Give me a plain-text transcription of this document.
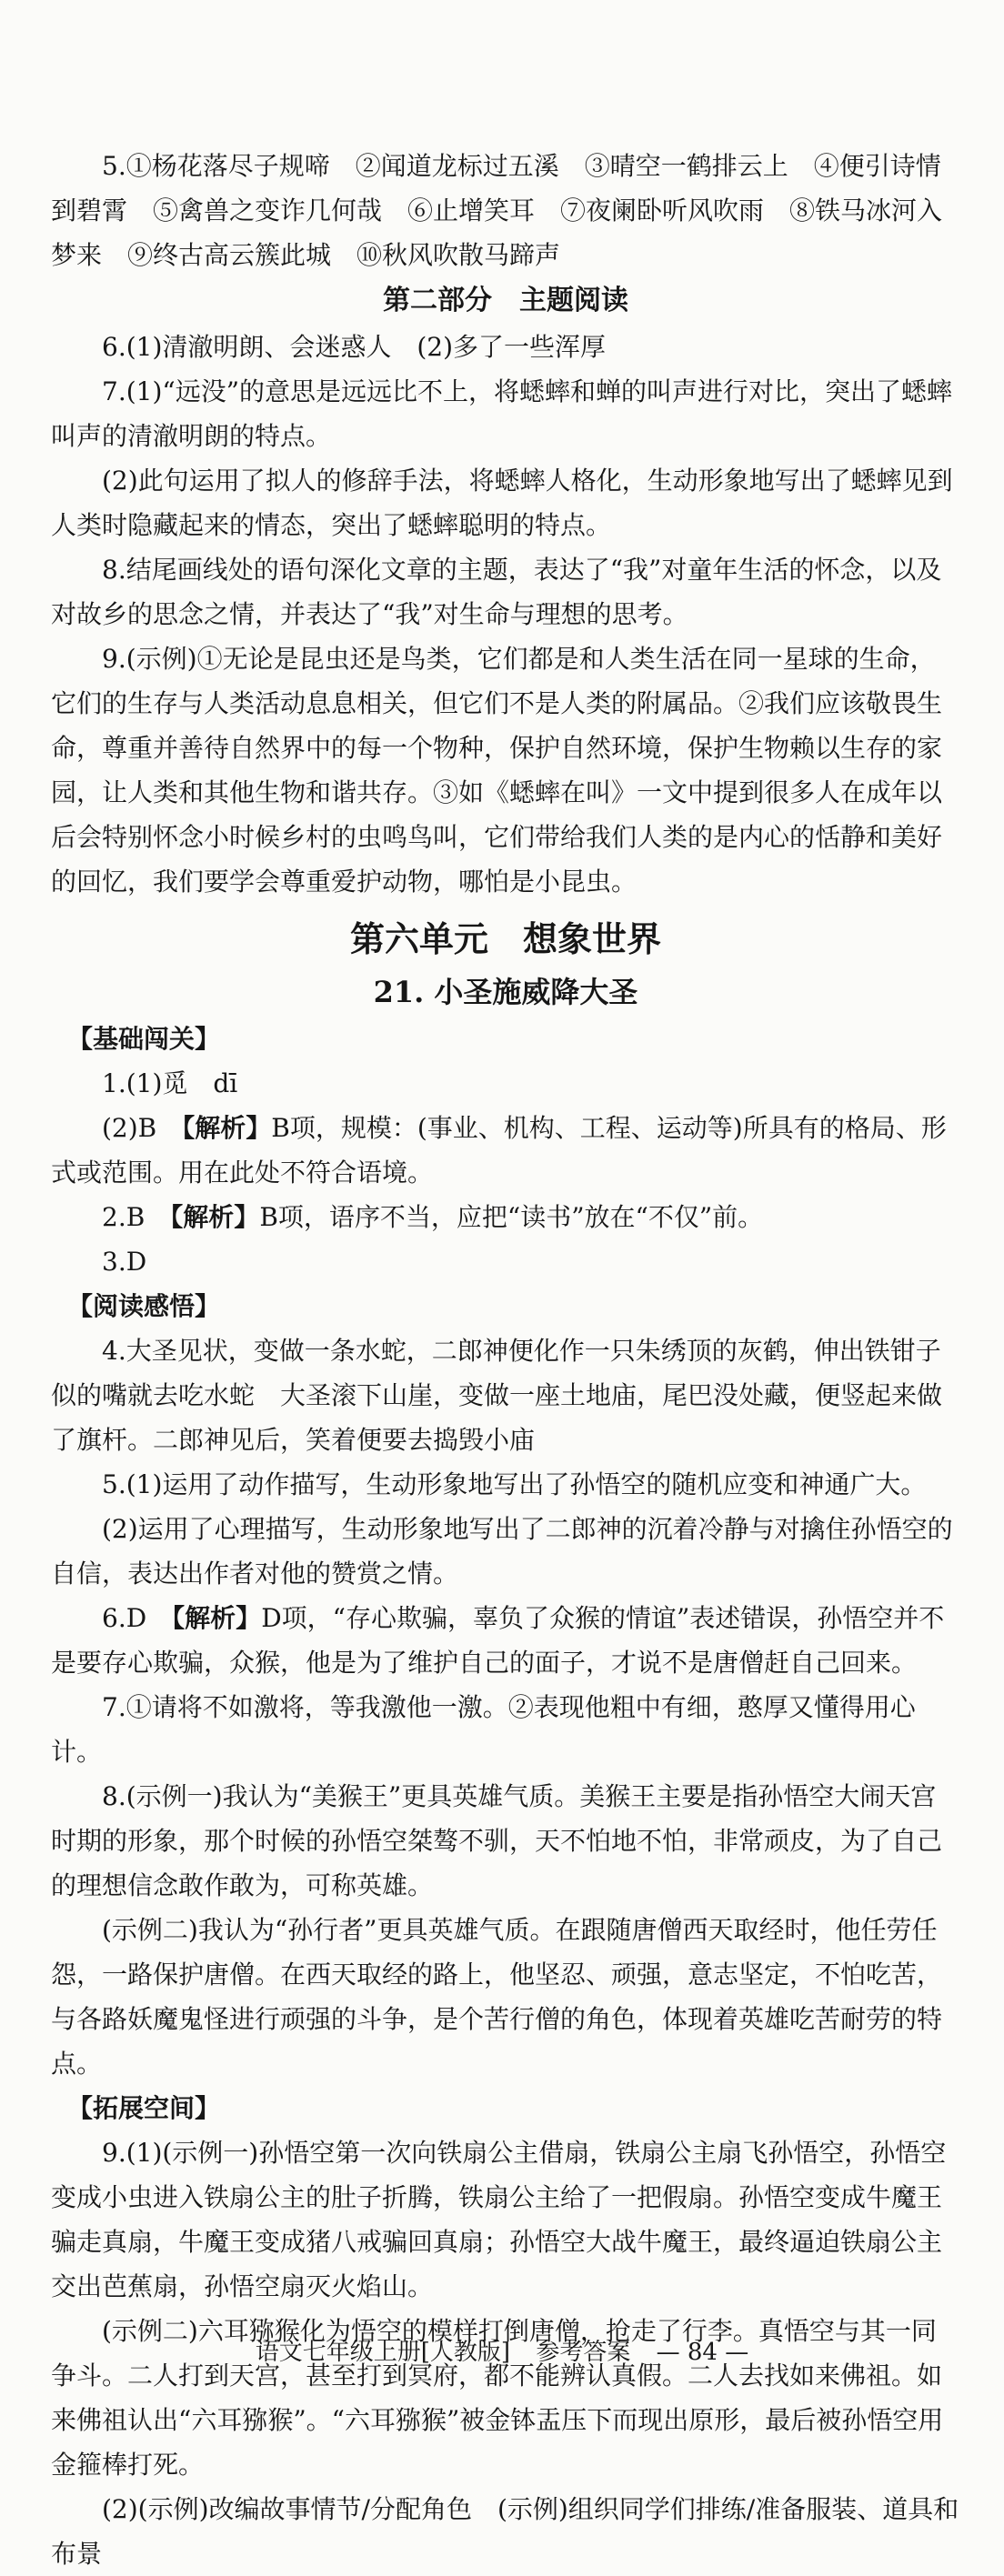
5.①杨花落尽子规啼　②闻道龙标过五溪　③晴空一鹤排云上　④便引诗情到碧霄　⑤禽兽之变诈几何哉　⑥止增笑耳　⑦夜阑卧听风吹雨　⑧铁马冰河入梦来　⑨终古高云簇此城　⑩秋风吹散马蹄声

第二部分　主题阅读

6.(1)清澈明朗、会迷惑人　(2)多了一些浑厚

7.(1)“远没”的意思是远远比不上，将蟋蟀和蝉的叫声进行对比，突出了蟋蟀叫声的清澈明朗的特点。

(2)此句运用了拟人的修辞手法，将蟋蟀人格化，生动形象地写出了蟋蟀见到人类时隐藏起来的情态，突出了蟋蟀聪明的特点。

8.结尾画线处的语句深化文章的主题，表达了“我”对童年生活的怀念，以及对故乡的思念之情，并表达了“我”对生命与理想的思考。

9.(示例)①无论是昆虫还是鸟类，它们都是和人类生活在同一星球的生命，它们的生存与人类活动息息相关，但它们不是人类的附属品。②我们应该敬畏生命，尊重并善待自然界中的每一个物种，保护自然环境，保护生物赖以生存的家园，让人类和其他生物和谐共存。③如《蟋蟀在叫》一文中提到很多人在成年以后会特别怀念小时候乡村的虫鸣鸟叫，它们带给我们人类的是内心的恬静和美好的回忆，我们要学会尊重爱护动物，哪怕是小昆虫。

第六单元　想象世界

21. 小圣施威降大圣

【基础闯关】

1.(1)觅　dī

(2)B　【解析】B项，规模：(事业、机构、工程、运动等)所具有的格局、形式或范围。用在此处不符合语境。

2.B　【解析】B项，语序不当，应把“读书”放在“不仅”前。

3.D

【阅读感悟】

4.大圣见状，变做一条水蛇，二郎神便化作一只朱绣顶的灰鹤，伸出铁钳子似的嘴就去吃水蛇　大圣滚下山崖，变做一座土地庙，尾巴没处藏，便竖起来做了旗杆。二郎神见后，笑着便要去捣毁小庙

5.(1)运用了动作描写，生动形象地写出了孙悟空的随机应变和神通广大。

(2)运用了心理描写，生动形象地写出了二郎神的沉着冷静与对擒住孙悟空的自信，表达出作者对他的赞赏之情。

6.D　【解析】D项，“存心欺骗，辜负了众猴的情谊”表述错误，孙悟空并不是要存心欺骗，众猴，他是为了维护自己的面子，才说不是唐僧赶自己回来。

7.①请将不如激将，等我激他一激。②表现他粗中有细，憨厚又懂得用心计。

8.(示例一)我认为“美猴王”更具英雄气质。美猴王主要是指孙悟空大闹天宫时期的形象，那个时候的孙悟空桀骜不驯，天不怕地不怕，非常顽皮，为了自己的理想信念敢作敢为，可称英雄。

(示例二)我认为“孙行者”更具英雄气质。在跟随唐僧西天取经时，他任劳任怨，一路保护唐僧。在西天取经的路上，他坚忍、顽强，意志坚定，不怕吃苦，与各路妖魔鬼怪进行顽强的斗争，是个苦行僧的角色，体现着英雄吃苦耐劳的特点。

【拓展空间】

9.(1)(示例一)孙悟空第一次向铁扇公主借扇，铁扇公主扇飞孙悟空，孙悟空变成小虫进入铁扇公主的肚子折腾，铁扇公主给了一把假扇。孙悟空变成牛魔王骗走真扇，牛魔王变成猪八戒骗回真扇；孙悟空大战牛魔王，最终逼迫铁扇公主交出芭蕉扇，孙悟空扇灭火焰山。

(示例二)六耳猕猴化为悟空的模样打倒唐僧，抢走了行李。真悟空与其一同争斗。二人打到天宫，甚至打到冥府，都不能辨认真假。二人去找如来佛祖。如来佛祖认出“六耳猕猴”。“六耳猕猴”被金钵盂压下而现出原形，最后被孙悟空用金箍棒打死。

(2)(示例)改编故事情节/分配角色　(示例)组织同学们排练/准备服装、道具和布景

语文七年级上册[人教版] 参考答案 — 84 —
